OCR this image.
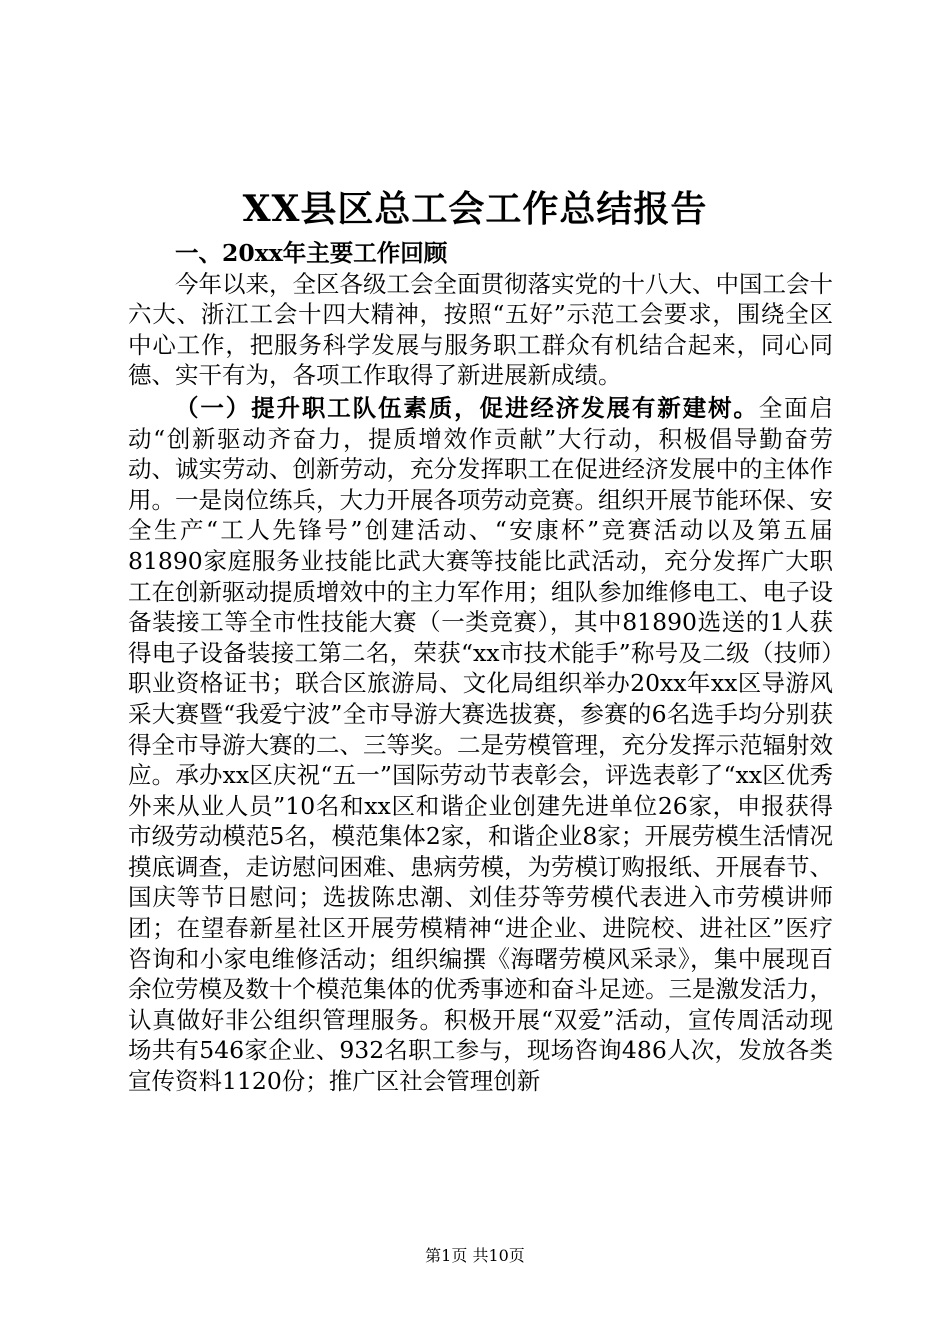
XX县区总工会工作总结报告

一、20xx年主要工作回顾

今年以来，全区各级工会全面贯彻落实党的十八大、中国工会十六大、浙江工会十四大精神，按照“五好”示范工会要求，围绕全区中心工作，把服务科学发展与服务职工群众有机结合起来，同心同德、实干有为，各项工作取得了新进展新成绩。

（一）提升职工队伍素质，促进经济发展有新建树。全面启动“创新驱动齐奋力，提质增效作贡献”大行动，积极倡导勤奋劳动、诚实劳动、创新劳动，充分发挥职工在促进经济发展中的主体作用。一是岗位练兵，大力开展各项劳动竞赛。组织开展节能环保、安全生产“工人先锋号”创建活动、“安康杯”竞赛活动以及第五届81890家庭服务业技能比武大赛等技能比武活动，充分发挥广大职工在创新驱动提质增效中的主力军作用；组队参加维修电工、电子设备装接工等全市性技能大赛（一类竞赛），其中81890选送的1人获得电子设备装接工第二名，荣获“xx市技术能手”称号及二级（技师）职业资格证书；联合区旅游局、文化局组织举办20xx年xx区导游风采大赛暨“我爱宁波”全市导游大赛选拔赛，参赛的6名选手均分别获得全市导游大赛的二、三等奖。二是劳模管理，充分发挥示范辐射效应。承办xx区庆祝“五一”国际劳动节表彰会，评选表彰了“xx区优秀外来从业人员”10名和xx区和谐企业创建先进单位26家，申报获得市级劳动模范5名，模范集体2家，和谐企业8家；开展劳模生活情况摸底调查，走访慰问困难、患病劳模，为劳模订购报纸、开展春节、国庆等节日慰问；选拔陈忠潮、刘佳芬等劳模代表进入市劳模讲师团；在望春新星社区开展劳模精神“进企业、进院校、进社区”医疗咨询和小家电维修活动；组织编撰《海曙劳模风采录》，集中展现百余位劳模及数十个模范集体的优秀事迹和奋斗足迹。三是激发活力，认真做好非公组织管理服务。积极开展“双爱”活动，宣传周活动现场共有546家企业、932名职工参与，现场咨询486人次，发放各类宣传资料1120份；推广区社会管理创新

第1页 共10页
